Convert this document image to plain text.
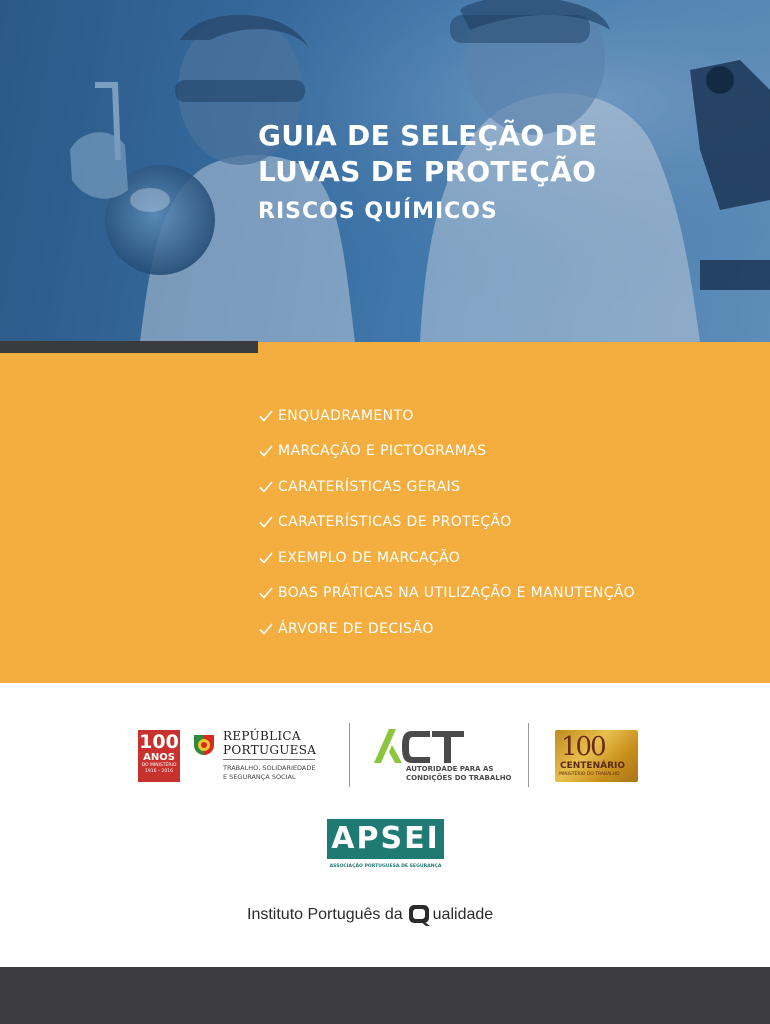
GUIA DE SELEÇÃO DE
LUVAS DE PROTEÇÃO
RISCOS QUÍMICOS
ENQUADRAMENTO
MARCAÇÃO E PICTOGRAMAS
CARATERÍSTICAS GERAIS
CARATERÍSTICAS DE PROTEÇÃO
EXEMPLO DE MARCAÇÃO
BOAS PRÁTICAS NA UTILIZAÇÃO E MANUTENÇÃO
ÁRVORE DE DECISÃO
100
ANOS
DO MINISTÉRIO
1916 – 2016
REPÚBLICA
PORTUGUESA
TRABALHO, SOLIDARIEDADE
E SEGURANÇA SOCIAL
AUTORIDADE PARA AS
CONDIÇÕES DO TRABALHO
100
CENTENÁRIO
MINISTÉRIO DO TRABALHO
APSEI
ASSOCIAÇÃO PORTUGUESA DE SEGURANÇA
Instituto Português da ualidade
